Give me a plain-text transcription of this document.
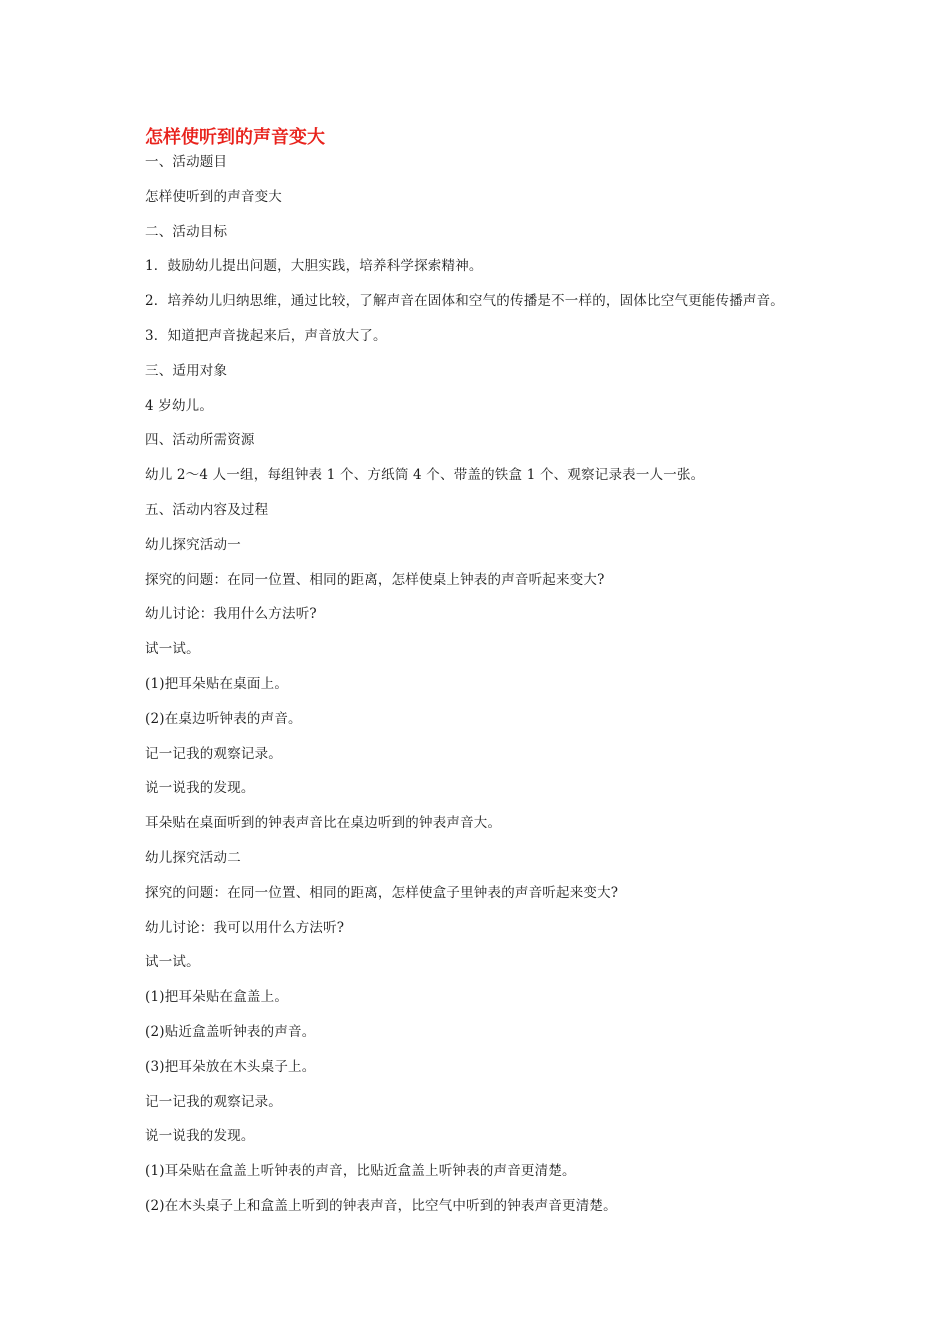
怎样使听到的声音变大
一、活动题目
怎样使听到的声音变大
二、活动目标
1．鼓励幼儿提出问题，大胆实践，培养科学探索精神。
2．培养幼儿归纳思维，通过比较，了解声音在固体和空气的传播是不一样的，固体比空气更能传播声音。
3．知道把声音拢起来后，声音放大了。
三、适用对象
4 岁幼儿。
四、活动所需资源
幼儿 2～4 人一组，每组钟表 1 个、方纸筒 4 个、带盖的铁盒 1 个、观察记录表一人一张。
五、活动内容及过程
幼儿探究活动一
探究的问题：在同一位置、相同的距离，怎样使桌上钟表的声音听起来变大?
幼儿讨论：我用什么方法听?
试一试。
(1)把耳朵贴在桌面上。
(2)在桌边听钟表的声音。
记一记我的观察记录。
说一说我的发现。
耳朵贴在桌面听到的钟表声音比在桌边听到的钟表声音大。
幼儿探究活动二
探究的问题：在同一位置、相同的距离，怎样使盒子里钟表的声音听起来变大?
幼儿讨论：我可以用什么方法听?
试一试。
(1)把耳朵贴在盒盖上。
(2)贴近盒盖听钟表的声音。
(3)把耳朵放在木头桌子上。
记一记我的观察记录。
说一说我的发现。
(1)耳朵贴在盒盖上听钟表的声音，比贴近盒盖上听钟表的声音更清楚。
(2)在木头桌子上和盒盖上听到的钟表声音，比空气中听到的钟表声音更清楚。
